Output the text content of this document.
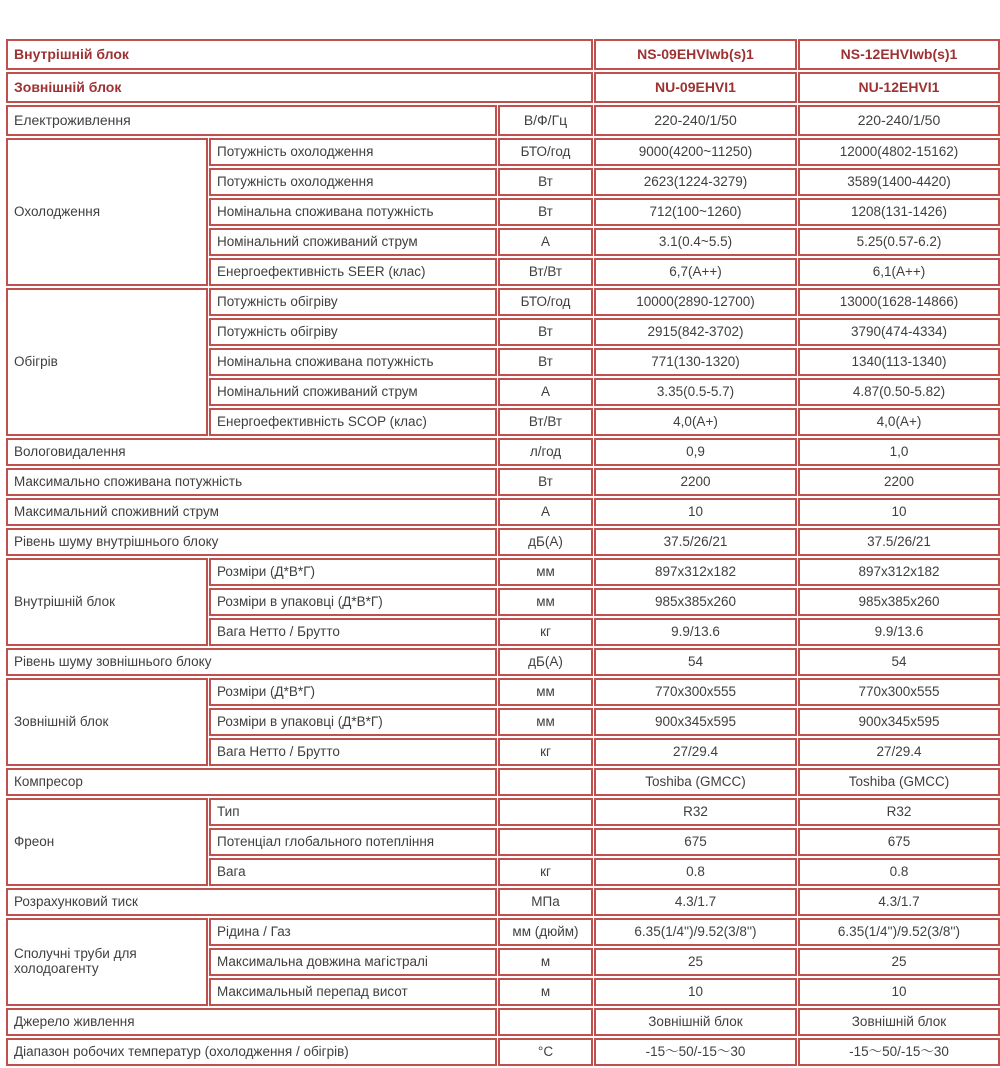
Внутрішній блок			NS-09EHVIwb(s)1	NS-12EHVIwb(s)1
Зовнішній блок			NU-09EHVI1	NU-12EHVI1
Електроживлення		В/Ф/Гц	220-240/1/50	220-240/1/50
Охолодження	Потужність охолодження	БТО/год	9000(4200~11250)	12000(4802-15162)
	Потужність охолодження	Вт	2623(1224-3279)	3589(1400-4420)
	Номінальна споживана потужність	Вт	712(100~1260)	1208(131-1426)
	Номінальний споживаний струм	А	3.1(0.4~5.5)	5.25(0.57-6.2)
	Енергоефективність SEER (клас)	Вт/Вт	6,7(A++)	6,1(A++)
Обігрів	Потужність обігріву	БТО/год	10000(2890-12700)	13000(1628-14866)
	Потужність обігріву	Вт	2915(842-3702)	3790(474-4334)
	Номінальна споживана потужність	Вт	771(130-1320)	1340(113-1340)
	Номінальний споживаний струм	А	3.35(0.5-5.7)	4.87(0.50-5.82)
	Енергоефективність SCOP (клас)	Вт/Вт	4,0(A+)	4,0(A+)
Вологовидалення		л/год	0,9	1,0
Максимально споживана потужність		Вт	2200	2200
Максимальний споживний струм		А	10	10
Рівень шуму внутрішнього блоку		дБ(А)	37.5/26/21	37.5/26/21
Внутрішній блок	Розміри (Д*В*Г)	мм	897x312x182	897x312x182
	Розміри в упаковці (Д*В*Г)	мм	985x385x260	985x385x260
	Вага Нетто / Брутто	кг	9.9/13.6	9.9/13.6
Рівень шуму зовнішнього блоку		дБ(А)	54	54
Зовнішній блок	Розміри (Д*В*Г)	мм	770x300x555	770x300x555
	Розміри в упаковці (Д*В*Г)	мм	900x345x595	900x345x595
	Вага Нетто / Брутто	кг	27/29.4	27/29.4
Компресор			Toshiba (GMCC)	Toshiba (GMCC)
Фреон	Тип		R32	R32
	Потенціал глобального потепління		675	675
	Вага	кг	0.8	0.8
Розрахунковий тиск		МПа	4.3/1.7	4.3/1.7
Сполучні труби для холодоагенту	Рідина / Газ	мм (дюйм)	6.35(1/4'')/9.52(3/8'')	6.35(1/4'')/9.52(3/8'')
	Максимальна довжина магістралі	м	25	25
	Максимальный перепад висот	м	10	10
Джерело живлення			Зовнішній блок	Зовнішній блок
Діапазон робочих температур (охолодження / обігрів)		°С	-15～50/-15～30	-15～50/-15～30
